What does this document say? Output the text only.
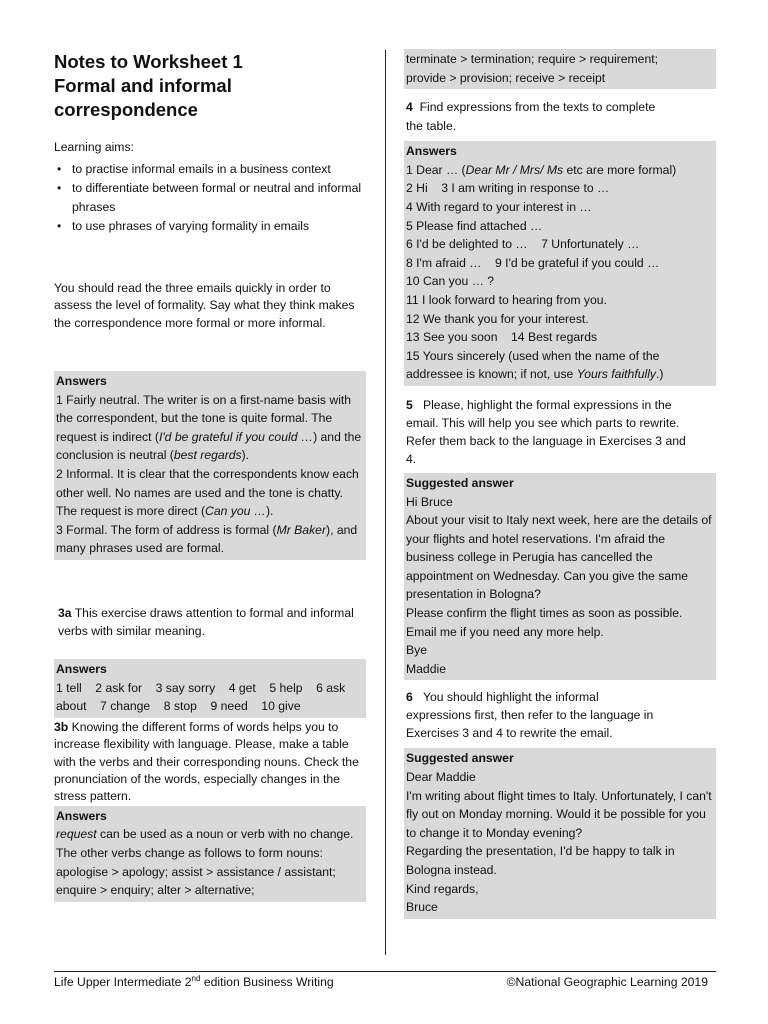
Notes to Worksheet 1
Formal and informal
correspondence

Learning aims:

• to practise informal emails in a business context
• to differentiate between formal or neutral and informal phrases
• to use phrases of varying formality in emails

You should read the three emails quickly in order to assess the level of formality. Say what they think makes the correspondence more formal or more informal.

Answers

1 Fairly neutral. The writer is on a first-name basis with the correspondent, but the tone is quite formal. The request is indirect (I'd be grateful if you could …) and the conclusion is neutral (best regards).

2 Informal. It is clear that the correspondents know each other well. No names are used and the tone is chatty. The request is more direct (Can you …).

3 Formal. The form of address is formal (Mr Baker), and many phrases used are formal.

3a This exercise draws attention to formal and informal verbs with similar meaning.

Answers

1 tell    2 ask for    3 say sorry    4 get    5 help    6 ask

about    7 change    8 stop    9 need    10 give

3b Knowing the different forms of words helps you to increase flexibility with language. Please, make a table with the verbs and their corresponding nouns. Check the pronunciation of the words, especially changes in the stress pattern.

Answers

request can be used as a noun or verb with no change. The other verbs change as follows to form nouns:

apologise > apology; assist > assistance / assistant;

enquire > enquiry; alter > alternative;

terminate > termination; require > requirement;

provide > provision; receive > receipt

4 Find expressions from the texts to complete the table.

Answers

1 Dear … (Dear Mr / Mrs/ Ms etc are more formal)

2 Hi    3 I am writing in response to …

4 With regard to your interest in …

5 Please find attached …

6 I'd be delighted to …    7 Unfortunately …

8 I'm afraid …    9 I'd be grateful if you could …

10 Can you … ?

11 I look forward to hearing from you.

12 We thank you for your interest.

13 See you soon    14 Best regards

15 Yours sincerely (used when the name of the addressee is known; if not, use Yours faithfully.)

5 Please, highlight the formal expressions in the email. This will help you see which parts to rewrite. Refer them back to the language in Exercises 3 and 4.

Suggested answer

Hi Bruce

About your visit to Italy next week, here are the details of your flights and hotel reservations. I'm afraid the business college in Perugia has cancelled the appointment on Wednesday. Can you give the same presentation in Bologna?

Please confirm the flight times as soon as possible.

Email me if you need any more help.

Bye

Maddie

6 You should highlight the informal expressions first, then refer to the language in Exercises 3 and 4 to rewrite the email.

Suggested answer

Dear Maddie

I'm writing about flight times to Italy. Unfortunately, I can't fly out on Monday morning. Would it be possible for you to change it to Monday evening?

Regarding the presentation, I'd be happy to talk in Bologna instead.

Kind regards,

Bruce

Life Upper Intermediate 2nd edition Business Writing	©National Geographic Learning 2019
